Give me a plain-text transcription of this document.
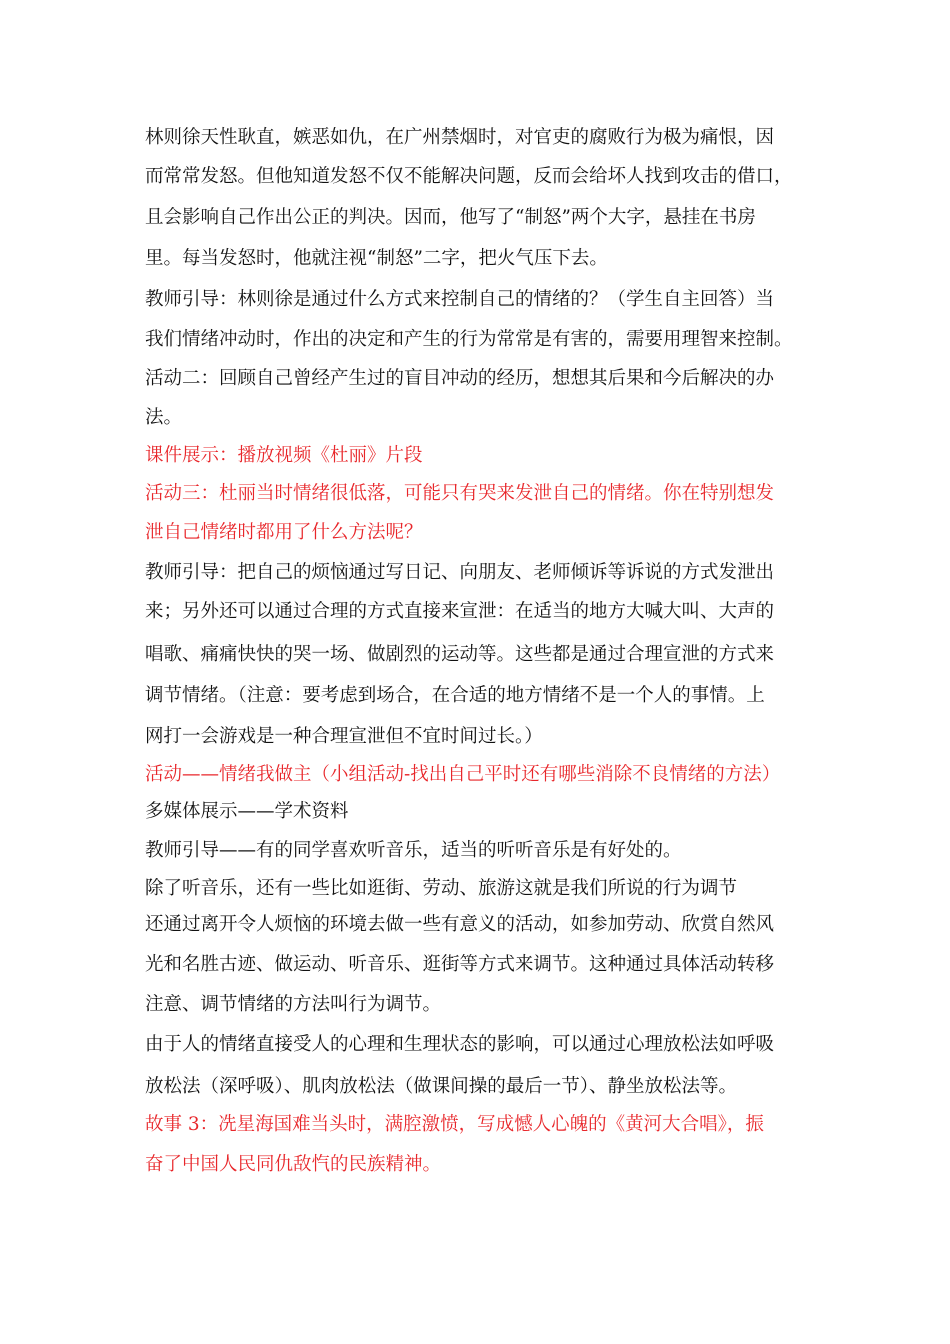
林则徐天性耿直，嫉恶如仇，在广州禁烟时，对官吏的腐败行为极为痛恨，因
而常常发怒。但他知道发怒不仅不能解决问题，反而会给坏人找到攻击的借口，
且会影响自己作出公正的判决。因而，他写了“制怒”两个大字，悬挂在书房
里。每当发怒时，他就注视“制怒”二字，把火气压下去。
教师引导：林则徐是通过什么方式来控制自己的情绪的？（学生自主回答）当
我们情绪冲动时，作出的决定和产生的行为常常是有害的，需要用理智来控制。
活动二：回顾自己曾经产生过的盲目冲动的经历，想想其后果和今后解决的办
法。
课件展示：播放视频《杜丽》片段
活动三：杜丽当时情绪很低落，可能只有哭来发泄自己的情绪。你在特别想发
泄自己情绪时都用了什么方法呢？
教师引导：把自己的烦恼通过写日记、向朋友、老师倾诉等诉说的方式发泄出
来；另外还可以通过合理的方式直接来宣泄：在适当的地方大喊大叫、大声的
唱歌、痛痛快快的哭一场、做剧烈的运动等。这些都是通过合理宣泄的方式来
调节情绪。（注意：要考虑到场合，在合适的地方情绪不是一个人的事情。上
网打一会游戏是一种合理宣泄但不宜时间过长。）
活动——情绪我做主（小组活动-找出自己平时还有哪些消除不良情绪的方法）
多媒体展示——学术资料
教师引导——有的同学喜欢听音乐，适当的听听音乐是有好处的。
除了听音乐，还有一些比如逛街、劳动、旅游这就是我们所说的行为调节
还通过离开令人烦恼的环境去做一些有意义的活动，如参加劳动、欣赏自然风
光和名胜古迹、做运动、听音乐、逛街等方式来调节。这种通过具体活动转移
注意、调节情绪的方法叫行为调节。
由于人的情绪直接受人的心理和生理状态的影响，可以通过心理放松法如呼吸
放松法（深呼吸）、肌肉放松法（做课间操的最后一节）、静坐放松法等。
故事 3：冼星海国难当头时，满腔激愤，写成憾人心魄的《黄河大合唱》，振
奋了中国人民同仇敌忾的民族精神。
